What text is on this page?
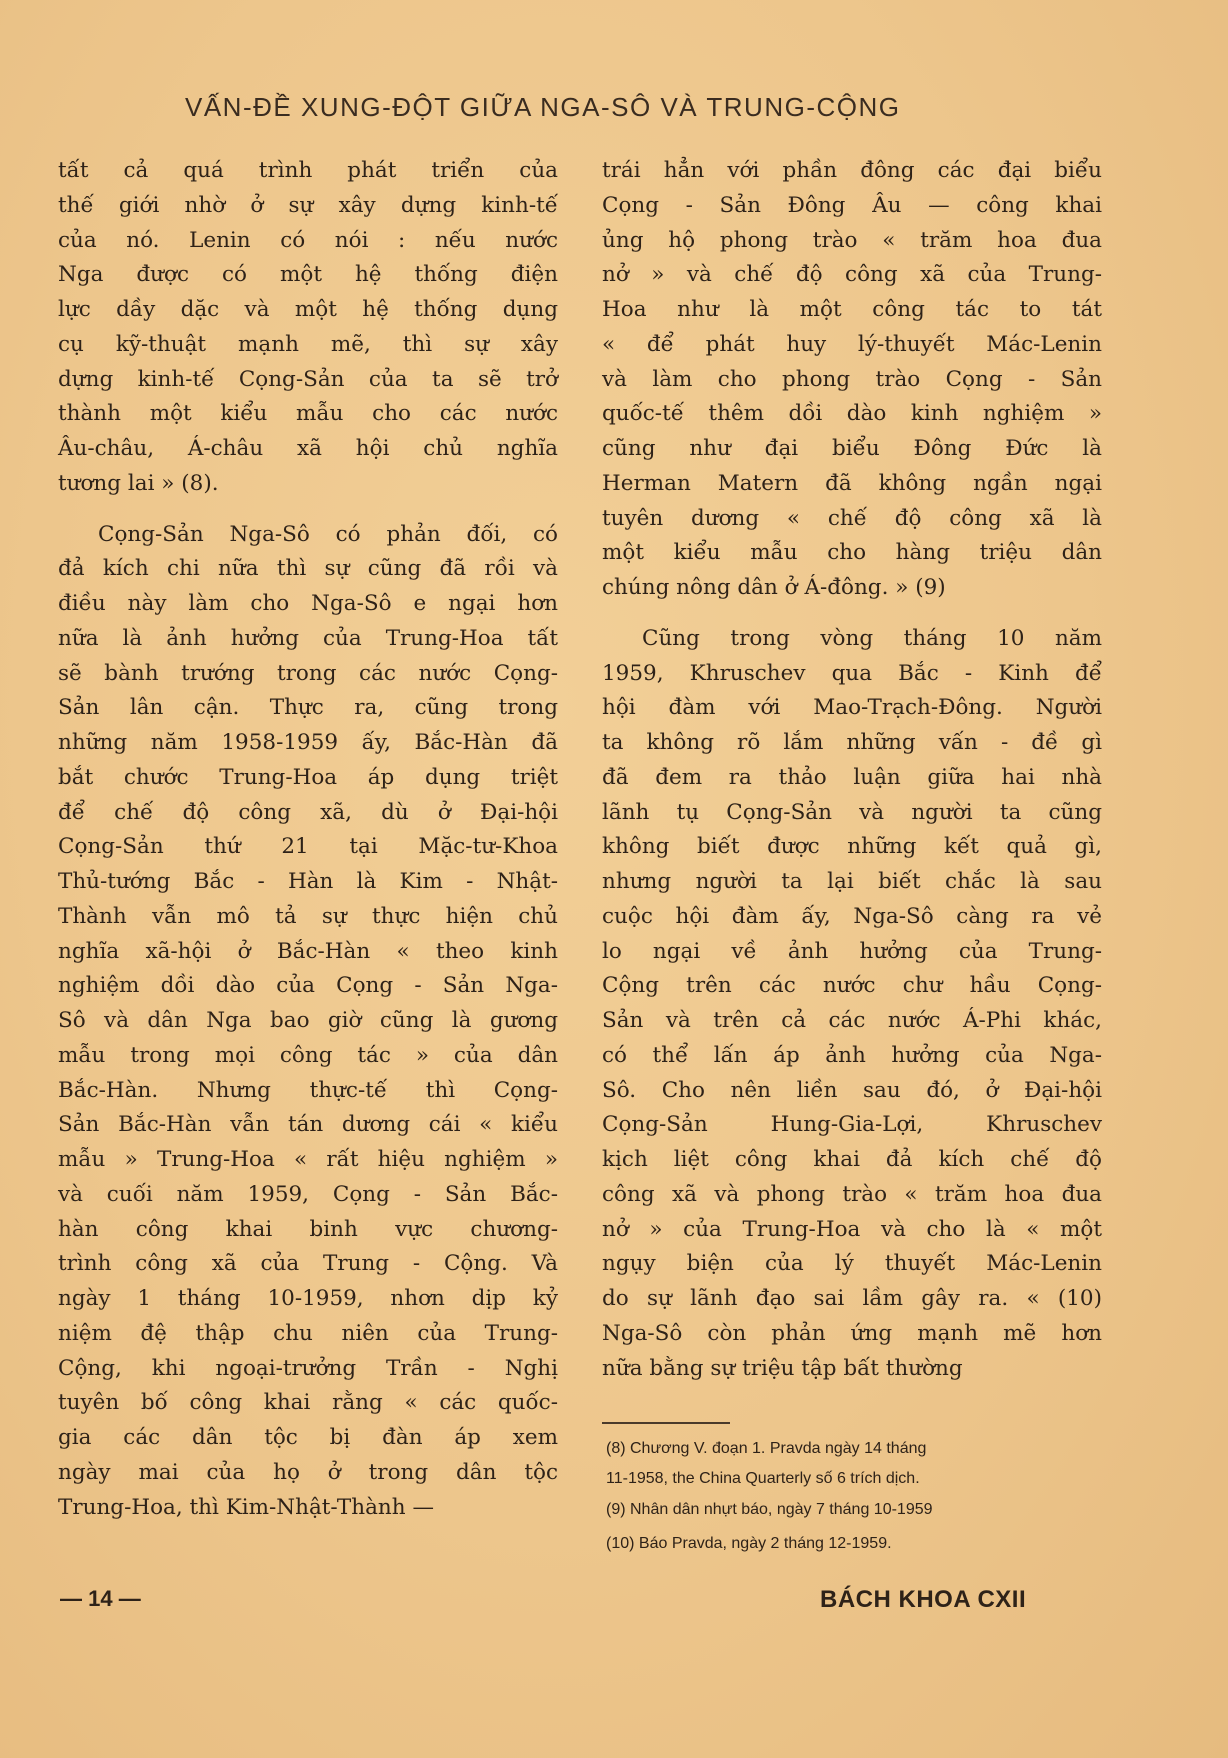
VẤN-ĐỀ XUNG-ĐỘT GIỮA NGA-SÔ VÀ TRUNG-CỘNG
tất cả quá trình phát triển của
thế giới nhờ ở sự xây dựng kinh-tế
của nó. Lenin có nói : nếu nước
Nga được có một hệ thống điện
lực dầy dặc và một hệ thống dụng
cụ kỹ-thuật mạnh mẽ, thì sự xây
dựng kinh-tế Cọng-Sản của ta sẽ trở
thành một kiểu mẫu cho các nước
Âu-châu, Á-châu xã hội chủ nghĩa
tương lai » (8).
Cọng-Sản Nga-Sô có phản đối, có
đả kích chi nữa thì sự cũng đã rồi và
điều này làm cho Nga-Sô e ngại hơn
nữa là ảnh hưởng của Trung-Hoa tất
sẽ bành trướng trong các nước Cọng-
Sản lân cận. Thực ra, cũng trong
những năm 1958-1959 ấy, Bắc-Hàn đã
bắt chước Trung-Hoa áp dụng triệt
để chế độ công xã, dù ở Đại-hội
Cọng-Sản thứ 21 tại Mặc-tư-Khoa
Thủ-tướng Bắc - Hàn là Kim - Nhật-
Thành vẫn mô tả sự thực hiện chủ
nghĩa xã-hội ở Bắc-Hàn « theo kinh
nghiệm dồi dào của Cọng - Sản Nga-
Sô và dân Nga bao giờ cũng là gương
mẫu trong mọi công tác » của dân
Bắc-Hàn. Nhưng thực-tế thì Cọng-
Sản Bắc-Hàn vẫn tán dương cái « kiểu
mẫu » Trung-Hoa « rất hiệu nghiệm »
và cuối năm 1959, Cọng - Sản Bắc-
hàn công khai binh vực chương-
trình công xã của Trung - Cộng. Và
ngày 1 tháng 10-1959, nhơn dịp kỷ
niệm đệ thập chu niên của Trung-
Cộng, khi ngoại-trưởng Trần - Nghị
tuyên bố công khai rằng « các quốc-
gia các dân tộc bị đàn áp xem
ngày mai của họ ở trong dân tộc
Trung-Hoa, thì Kim-Nhật-Thành —
trái hẳn với phần đông các đại biểu
Cọng - Sản Đông Âu — công khai
ủng hộ phong trào « trăm hoa đua
nở » và chế độ công xã của Trung-
Hoa như là một công tác to tát
« để phát huy lý-thuyết Mác-Lenin
và làm cho phong trào Cọng - Sản
quốc-tế thêm dồi dào kinh nghiệm »
cũng như đại biểu Đông Đức là
Herman Matern đã không ngần ngại
tuyên dương « chế độ công xã là
một kiểu mẫu cho hàng triệu dân
chúng nông dân ở Á-đông. » (9)
Cũng trong vòng tháng 10 năm
1959, Khruschev qua Bắc - Kinh để
hội đàm với Mao-Trạch-Đông. Người
ta không rõ lắm những vấn - đề gì
đã đem ra thảo luận giữa hai nhà
lãnh tụ Cọng-Sản và người ta cũng
không biết được những kết quả gì,
nhưng người ta lại biết chắc là sau
cuộc hội đàm ấy, Nga-Sô càng ra vẻ
lo ngại về ảnh hưởng của Trung-
Cộng trên các nước chư hầu Cọng-
Sản và trên cả các nước Á-Phi khác,
có thể lấn áp ảnh hưởng của Nga-
Sô. Cho nên liền sau đó, ở Đại-hội
Cọng-Sản Hung-Gia-Lợi, Khruschev
kịch liệt công khai đả kích chế độ
công xã và phong trào « trăm hoa đua
nở » của Trung-Hoa và cho là « một
ngụy biện của lý thuyết Mác-Lenin
do sự lãnh đạo sai lầm gây ra. « (10)
Nga-Sô còn phản ứng mạnh mẽ hơn
nữa bằng sự triệu tập bất thường
(8) Chương V. đoạn 1. Pravda ngày 14 tháng
11-1958, the China Quarterly số 6 trích dịch.
(9) Nhân dân nhựt báo, ngày 7 tháng 10-1959
(10) Báo Pravda, ngày 2 tháng 12-1959.
— 14 —	BÁCH KHOA CXII
